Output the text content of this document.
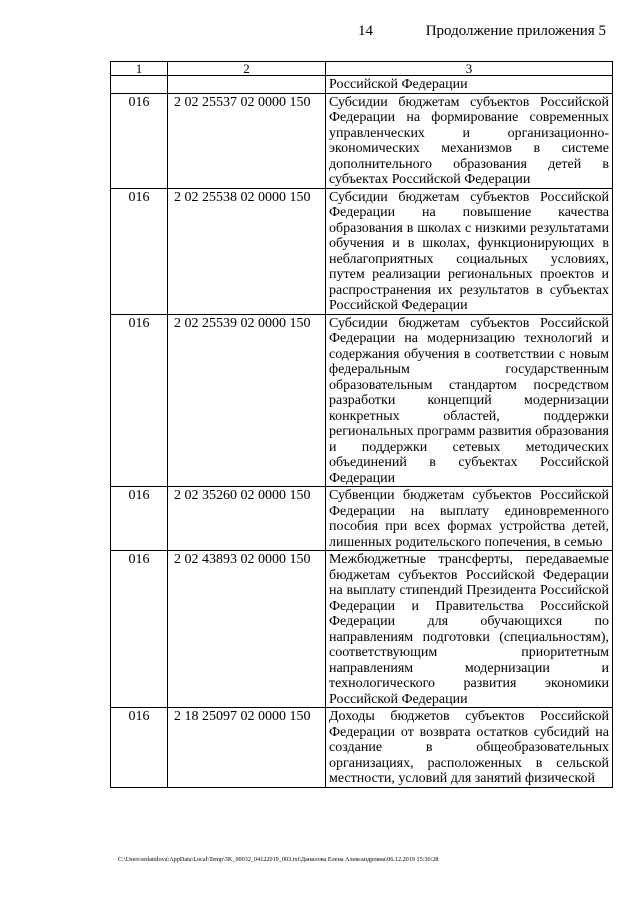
14	Продолжение приложения 5
1	2	3
		Российской Федерации
016	2 02 25537 02 0000 150	Субсидии бюджетам субъектов Российской Федерации на формирование современных управленческих и организационно-экономических механизмов в системе дополнительного образования детей в субъектах Российской Федерации
016	2 02 25538 02 0000 150	Субсидии бюджетам субъектов Российской Федерации на повышение качества образования в школах с низкими результатами обучения и в школах, функционирующих в неблагоприятных социальных условиях, путем реализации региональных проектов и распространения их результатов в субъектах Российской Федерации
016	2 02 25539 02 0000 150	Субсидии бюджетам субъектов Российской Федерации на модернизацию технологий и содержания обучения в соответствии с новым федеральным государственным образовательным стандартом посредством разработки концепций модернизации конкретных областей, поддержки региональных программ развития образования и поддержки сетевых методических объединений в субъектах Российской Федерации
016	2 02 35260 02 0000 150	Субвенции бюджетам субъектов Российской Федерации на выплату единовременного пособия при всех формах устройства детей, лишенных родительского попечения, в семью
016	2 02 43893 02 0000 150	Межбюджетные трансферты, передаваемые бюджетам субъектов Российской Федерации на выплату стипендий Президента Российской Федерации и Правительства Российской Федерации для обучающихся по направлениям подготовки (специальностям), соответствующим приоритетным направлениям модернизации и технологического развития экономики Российской Федерации
016	2 18 25097 02 0000 150	Доходы бюджетов субъектов Российской Федерации от возврата остатков субсидий на создание в общеобразовательных организациях, расположенных в сельской местности, условий для занятий физической
C:\Users\erdanilova\AppData\Local\Temp\3K_00032_04122019_003.txt\Данилова Елена Александровна\06.12.2019 15:30:28
